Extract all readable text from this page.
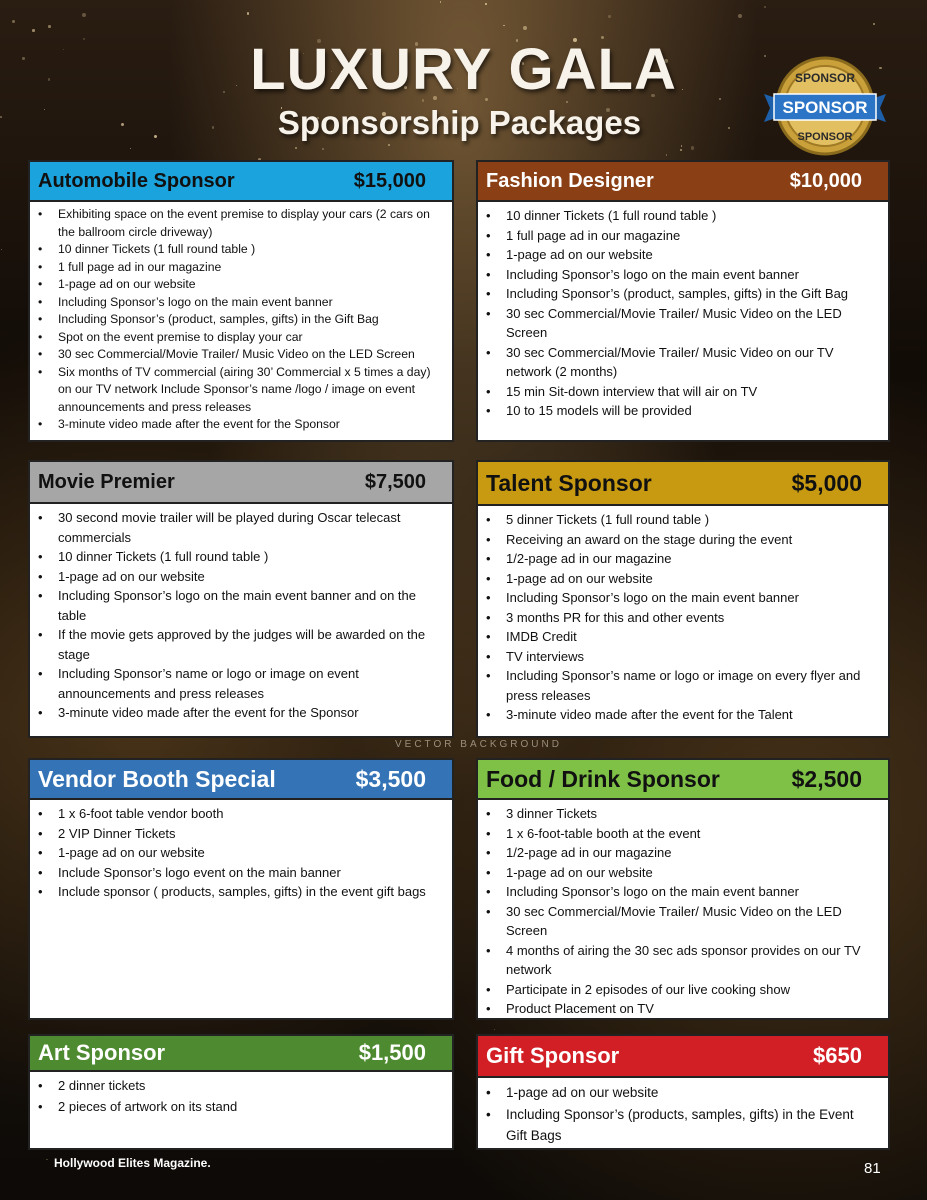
LUXURY GALA
Sponsorship Packages
SPONSOR
SPONSOR
SPONSOR
VECTOR BACKGROUND
Automobile Sponsor	$15,000
• Exhibiting space on the event premise to display your cars (2 cars on the ballroom circle driveway)
• 10 dinner Tickets (1 full round table )
• 1 full page ad in our magazine
• 1-page ad on our website
• Including Sponsor’s logo on the main event banner
• Including Sponsor’s (product, samples, gifts) in the Gift Bag
• Spot on the event premise to display your car
• 30 sec Commercial/Movie Trailer/ Music Video on the LED Screen
• Six months of TV commercial (airing 30’ Commercial x 5 times a day) on our TV network Include Sponsor’s name /logo / image on event announcements and press releases
• 3-minute video made after the event for the Sponsor
Fashion Designer	$10,000
• 10 dinner Tickets (1 full round table )
• 1 full page ad in our magazine
• 1-page ad on our website
• Including Sponsor’s logo on the main event banner
• Including Sponsor’s (product, samples, gifts) in the Gift Bag
• 30 sec Commercial/Movie Trailer/ Music Video on the LED Screen
• 30 sec Commercial/Movie Trailer/ Music Video on our TV network (2 months)
• 15 min Sit-down interview that will air on TV
• 10 to 15 models will be provided
Movie Premier	$7,500
• 30 second movie trailer will be played during Oscar telecast commercials
• 10 dinner Tickets (1 full round table )
• 1-page ad on our website
• Including Sponsor’s logo on the main event banner and on the table
• If the movie gets approved by the judges will be awarded on the stage
• Including Sponsor’s name or logo or image on event announcements and press releases
• 3-minute video made after the event for the Sponsor
Talent Sponsor	$5,000
• 5 dinner Tickets (1 full round table )
• Receiving an award on the stage during the event
• 1/2-page ad in our magazine
• 1-page ad on our website
• Including Sponsor’s logo on the main event banner
• 3 months PR for this and other events
• IMDB Credit
• TV interviews
• Including Sponsor’s name or logo or image on every flyer and press releases
• 3-minute video made after the event for the Talent
Vendor Booth Special	$3,500
• 1 x 6-foot table vendor booth
• 2 VIP Dinner Tickets
• 1-page ad on our website
• Include Sponsor’s logo event on the main banner
• Include sponsor ( products, samples, gifts) in the event gift bags
Food / Drink Sponsor	$2,500
• 3 dinner Tickets
• 1 x 6-foot-table booth at the event
• 1/2-page ad in our magazine
• 1-page ad on our website
• Including Sponsor’s logo on the main event banner
• 30 sec Commercial/Movie Trailer/ Music Video on the LED Screen
• 4 months of airing the 30 sec ads sponsor provides on our TV network
• Participate in 2 episodes of our live cooking show
• Product Placement on TV
Art Sponsor	$1,500
• 2 dinner tickets
• 2 pieces of artwork on its stand
Gift Sponsor	$650
• 1-page ad on our website
• Including Sponsor’s (products, samples, gifts) in the Event Gift Bags
Hollywood Elites Magazine.	81
